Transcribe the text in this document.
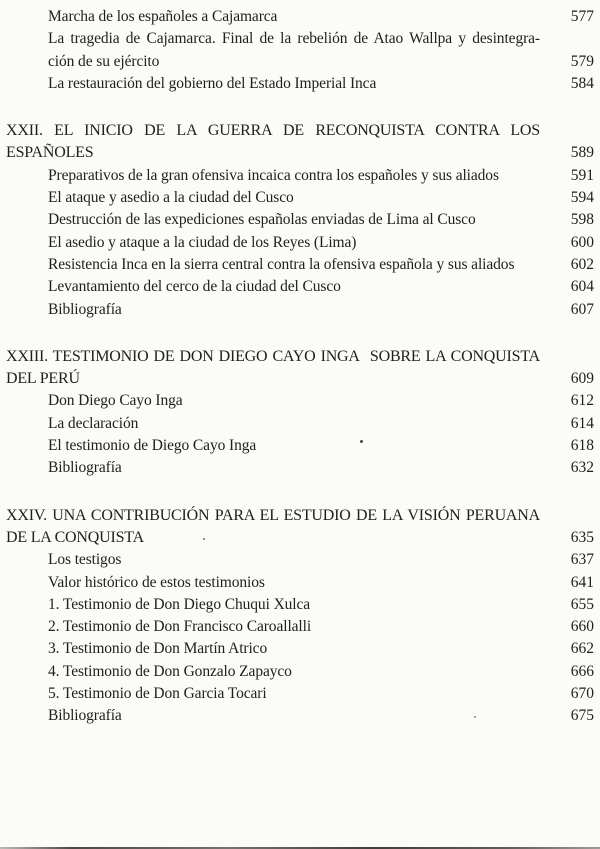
Marcha de los españoles a Cajamarca	577
La tragedia de Cajamarca. Final de la rebelión de Atao Wallpa y desintegra-
ción de su ejército	579
La restauración del gobierno del Estado Imperial Inca	584
XXII. EL INICIO DE LA GUERRA DE RECONQUISTA CONTRA LOS
ESPAÑOLES	589
Preparativos de la gran ofensiva incaica contra los españoles y sus aliados	591
El ataque y asedio a la ciudad del Cusco	594
Destrucción de las expediciones españolas enviadas de Lima al Cusco	598
El asedio y ataque a la ciudad de los Reyes (Lima)	600
Resistencia Inca en la sierra central contra la ofensiva española y sus aliados	602
Levantamiento del cerco de la ciudad del Cusco	604
Bibliografía	607
XXIII. TESTIMONIO DE DON DIEGO CAYO INGA  SOBRE LA CONQUISTA
DEL PERÚ	609
Don Diego Cayo Inga	612
La declaración	614
El testimonio de Diego Cayo Inga	618
Bibliografía	632
XXIV. UNA CONTRIBUCIÓN PARA EL ESTUDIO DE LA VISIÓN PERUANA
DE LA CONQUISTA	635
Los testigos	637
Valor histórico de estos testimonios	641
1. Testimonio de Don Diego Chuqui Xulca	655
2. Testimonio de Don Francisco Caroallalli	660
3. Testimonio de Don Martín Atrico	662
4. Testimonio de Don Gonzalo Zapayco	666
5. Testimonio de Don Garcia Tocari	670
Bibliografía	675
